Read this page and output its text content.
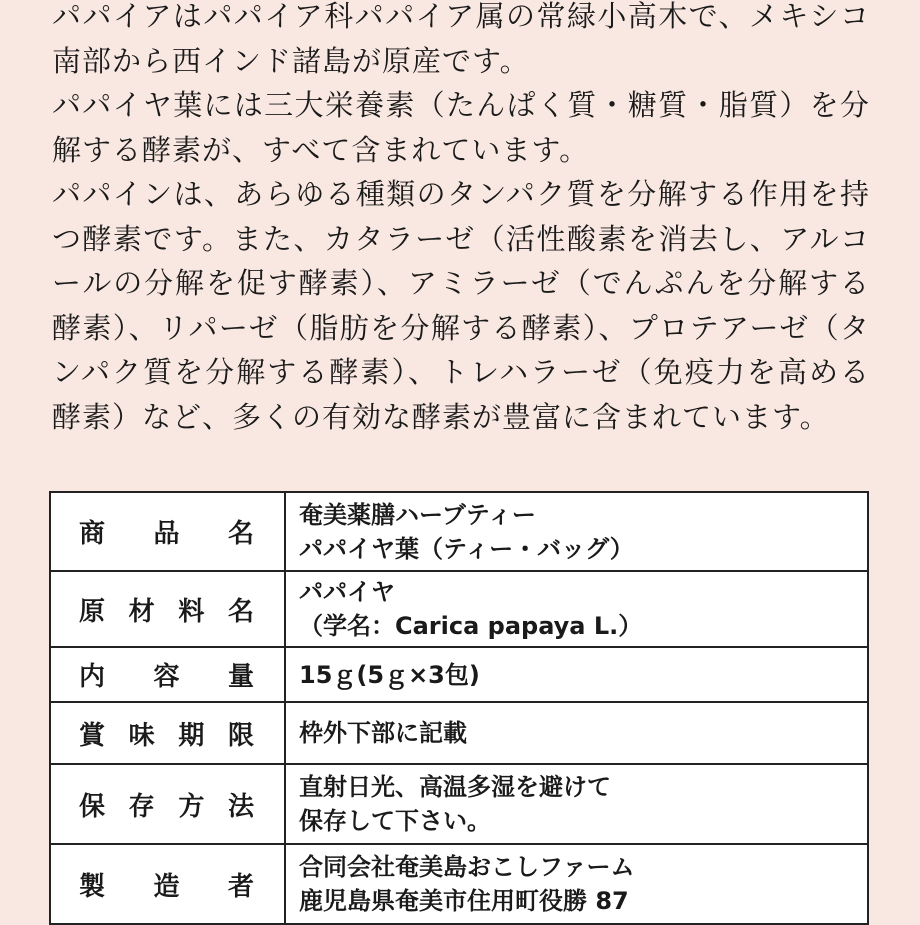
パパイアはパパイア科パパイア属の常緑小高木で、メキシコ南部から西インド諸島が原産です。

パパイヤ葉には三大栄養素（たんぱく質・糖質・脂質）を分解する酵素が、すべて含まれています。

パパインは、あらゆる種類のタンパク質を分解する作用を持つ酵素です。また、カタラーゼ（活性酸素を消去し、アルコールの分解を促す酵素）、アミラーゼ（でんぷんを分解する酵素）、リパーゼ（脂肪を分解する酵素）、プロテアーゼ（タンパク質を分解する酵素）、トレハラーゼ（免疫力を高める酵素）など、多くの有効な酵素が豊富に含まれています。

商品名	奄美薬膳ハーブティー
パパイヤ葉（ティー・バッグ）

原材料名	パパイヤ
（学名：Carica papaya L.）

内容量	15ｇ(5ｇ×3包)

賞味期限	枠外下部に記載

保存方法	直射日光、高温多湿を避けて
保存して下さい。

製造者	合同会社奄美島おこしファーム
鹿児島県奄美市住用町役勝 87
